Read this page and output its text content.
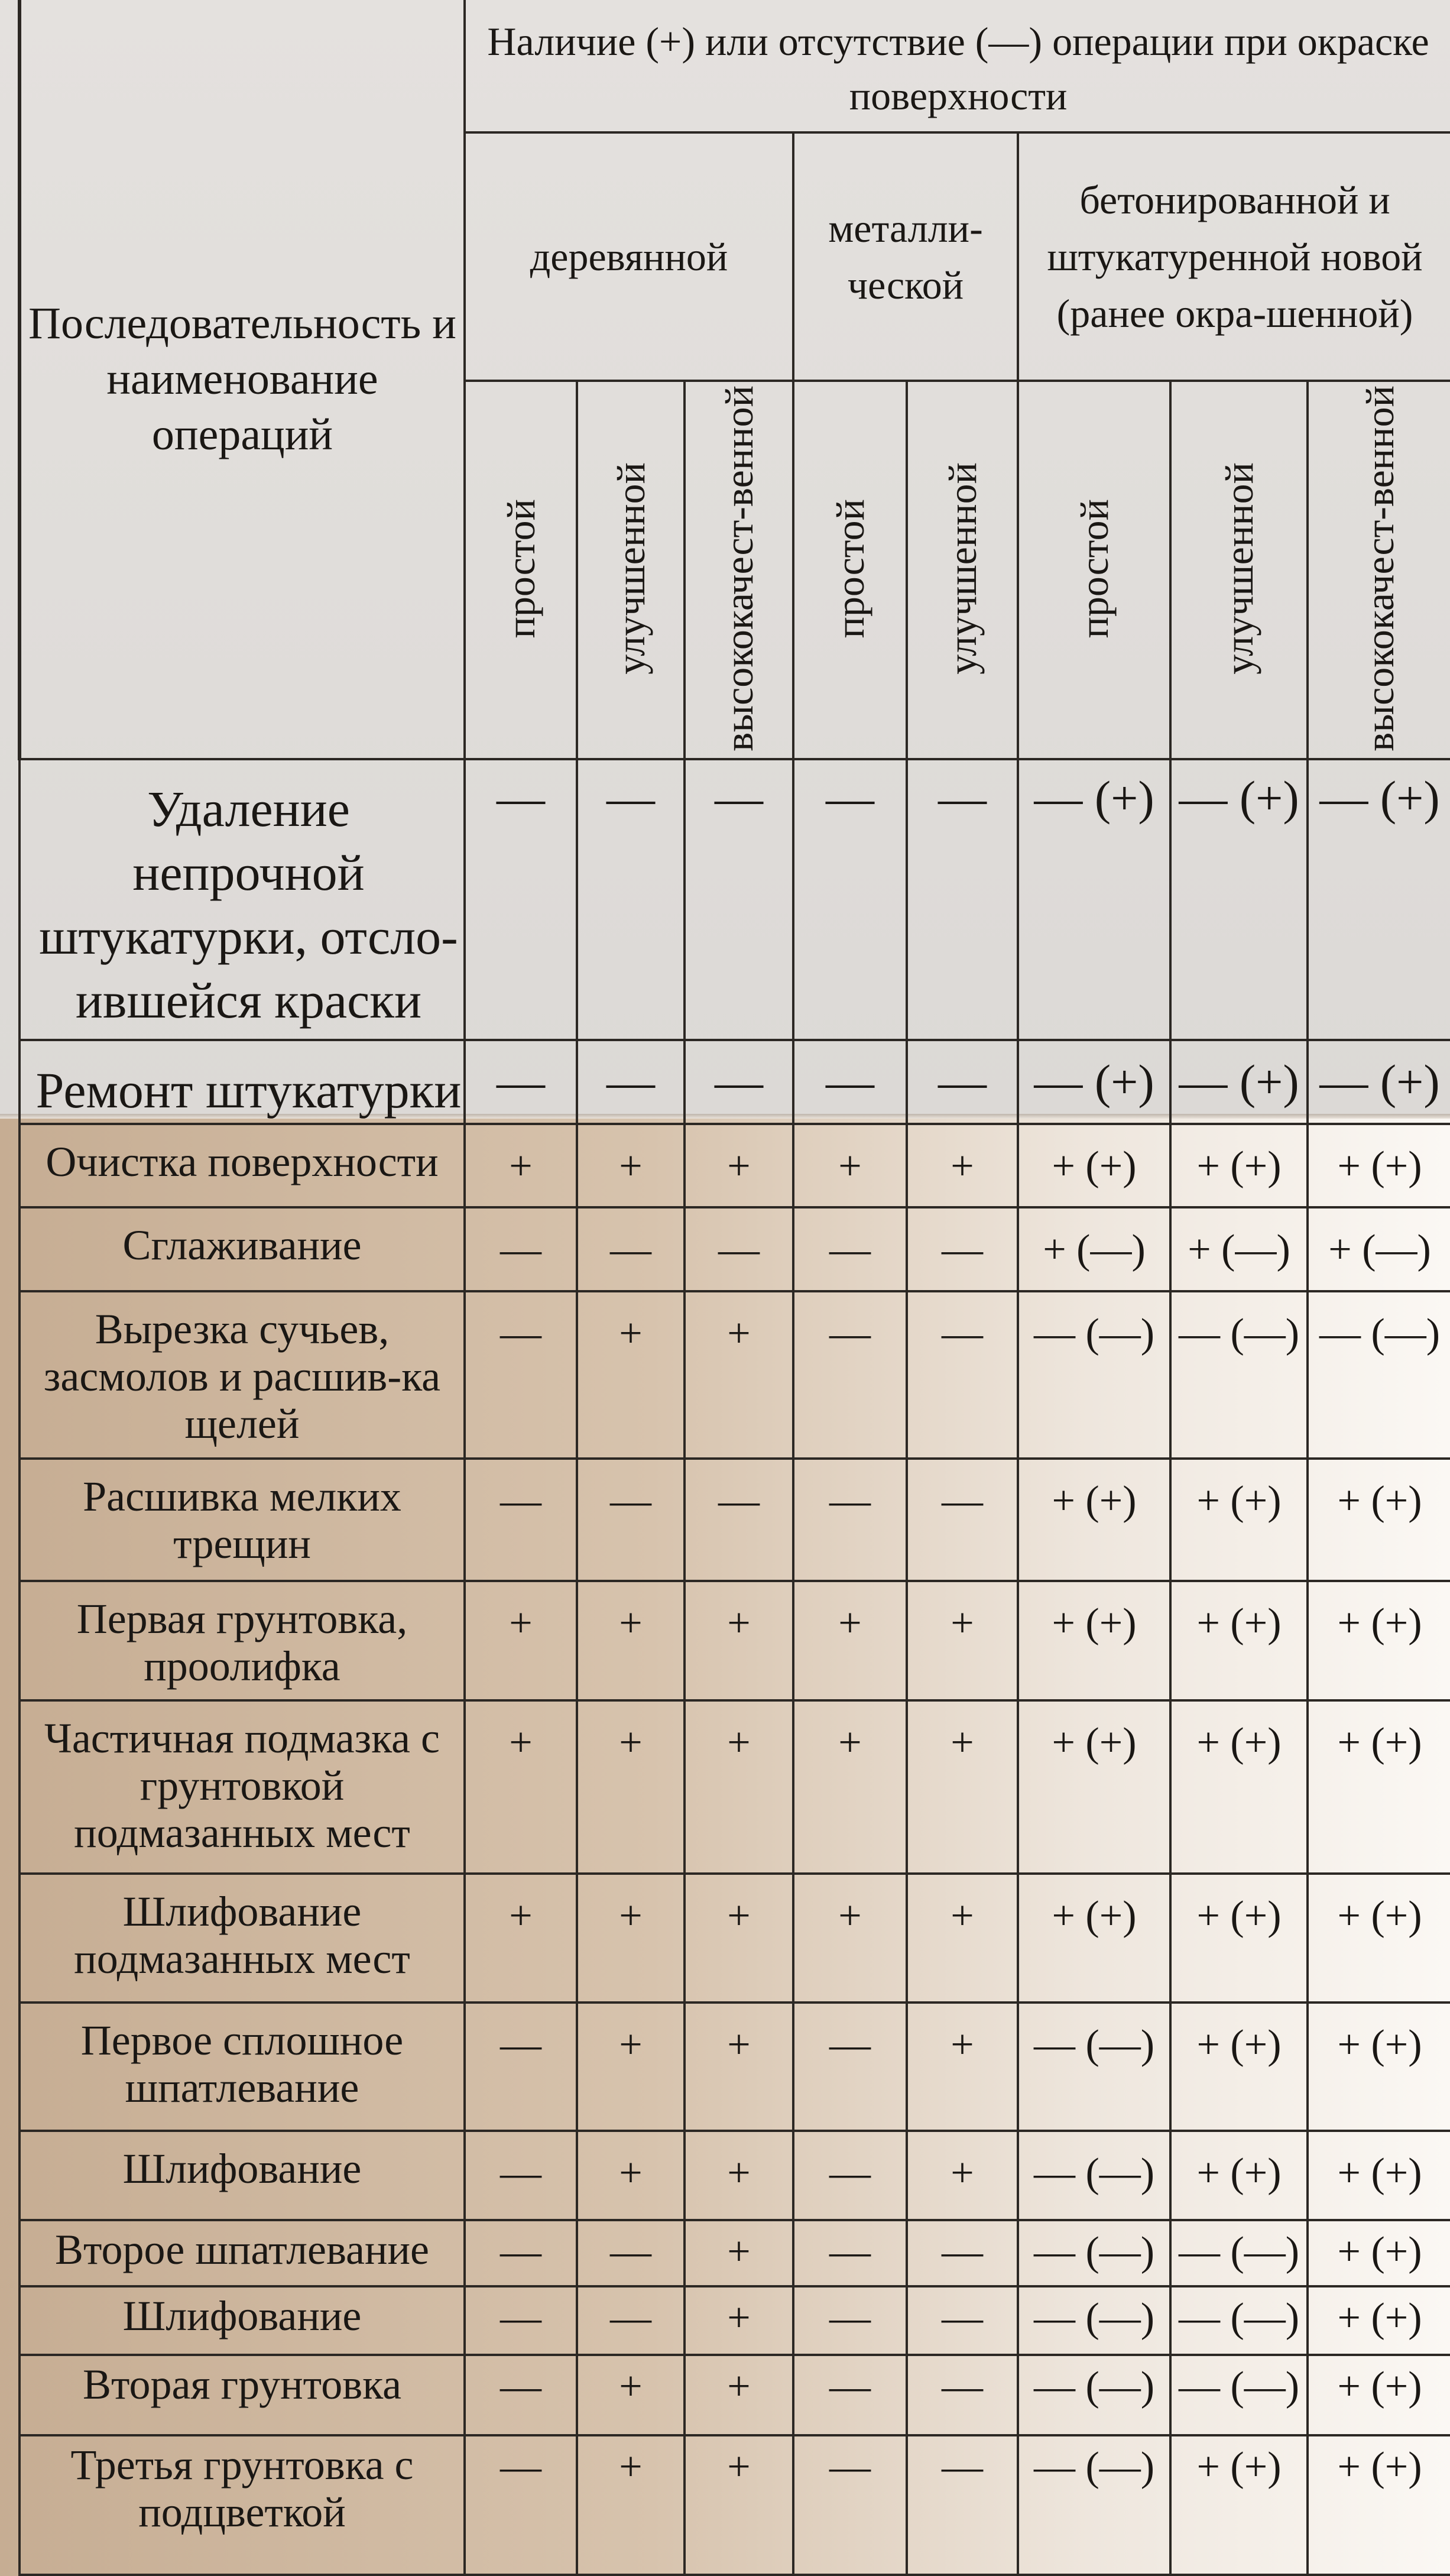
Последовательность и наименование операций	Наличие (+) или отсутствие (—) операции при окраске поверхности							
	деревянной			металли-ческой		бетонированной и штукатуренной новой (ранее окра-шенной)		
	простой	улучшенной	высококачест-венной	простой	улучшенной	простой	улучшенной	высококачест-венной
Удаление непрочной штукатурки, отсло-ившейся краски	—	—	—	—	—	— (+)	— (+)	— (+)
Ремонт штукатурки	—	—	—	—	—	— (+)	— (+)	— (+)
Очистка поверхности	+	+	+	+	+	+ (+)	+ (+)	+ (+)
Сглаживание	—	—	—	—	—	+ (—)	+ (—)	+ (—)
Вырезка сучьев, засмолов и расшив-ка щелей	—	+	+	—	—	— (—)	— (—)	— (—)
Расшивка мелких трещин	—	—	—	—	—	+ (+)	+ (+)	+ (+)
Первая грунтовка, проолифка	+	+	+	+	+	+ (+)	+ (+)	+ (+)
Частичная подмазка с грунтовкой подмазанных мест	+	+	+	+	+	+ (+)	+ (+)	+ (+)
Шлифование подмазанных мест	+	+	+	+	+	+ (+)	+ (+)	+ (+)
Первое сплошное шпатлевание	—	+	+	—	+	— (—)	+ (+)	+ (+)
Шлифование	—	+	+	—	+	— (—)	+ (+)	+ (+)
Второе шпатлевание	—	—	+	—	—	— (—)	— (—)	+ (+)
Шлифование	—	—	+	—	—	— (—)	— (—)	+ (+)
Вторая грунтовка	—	+	+	—	—	— (—)	— (—)	+ (+)
Третья грунтовка с подцветкой	—	+	+	—	—	— (—)	+ (+)	+ (+)
